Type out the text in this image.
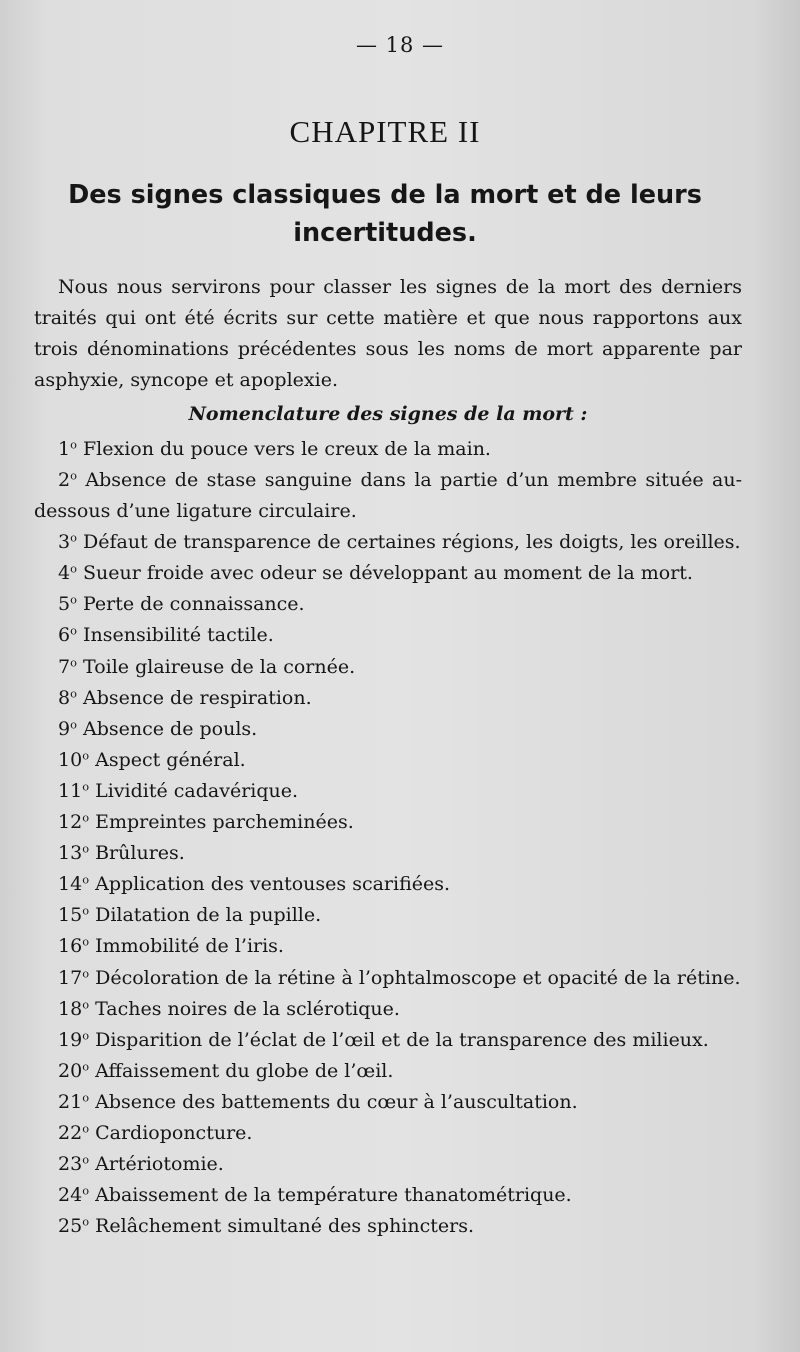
— 18 —
CHAPITRE II
Des signes classiques de la mort et de leurs incertitudes.

Nous nous servirons pour classer les signes de la mort des derniers traités qui ont été écrits sur cette matière et que nous rapportons aux trois dénominations précédentes sous les noms de mort apparente par asphyxie, syncope et apoplexie.

Nomenclature des signes de la mort :
1$^o$ Flexion du pouce vers le creux de la main.
2$^o$ Absence de stase sanguine dans la partie d’un membre située au-dessous d’une ligature circulaire.
3$^o$ Défaut de transparence de certaines régions, les doigts, les oreilles.
4$^o$ Sueur froide avec odeur se développant au moment de la mort.
5$^o$ Perte de connaissance.
6$^o$ Insensibilité tactile.
7$^o$ Toile glaireuse de la cornée.
8$^o$ Absence de respiration.
9$^o$ Absence de pouls.
10$^o$ Aspect général.
11$^o$ Lividité cadavérique.
12$^o$ Empreintes parcheminées.
13$^o$ Brûlures.
14$^o$ Application des ventouses scarifiées.
15$^o$ Dilatation de la pupille.
16$^o$ Immobilité de l’iris.
17$^o$ Décoloration de la rétine à l’ophtalmoscope et opacité de la rétine.
18$^o$ Taches noires de la sclérotique.
19$^o$ Disparition de l’éclat de l’œil et de la transparence des milieux.
20$^o$ Affaissement du globe de l’œil.
21$^o$ Absence des battements du cœur à l’auscultation.
22$^o$ Cardioponcture.
23$^o$ Artériotomie.
24$^o$ Abaissement de la température thanatométrique.
25$^o$ Relâchement simultané des sphincters.
